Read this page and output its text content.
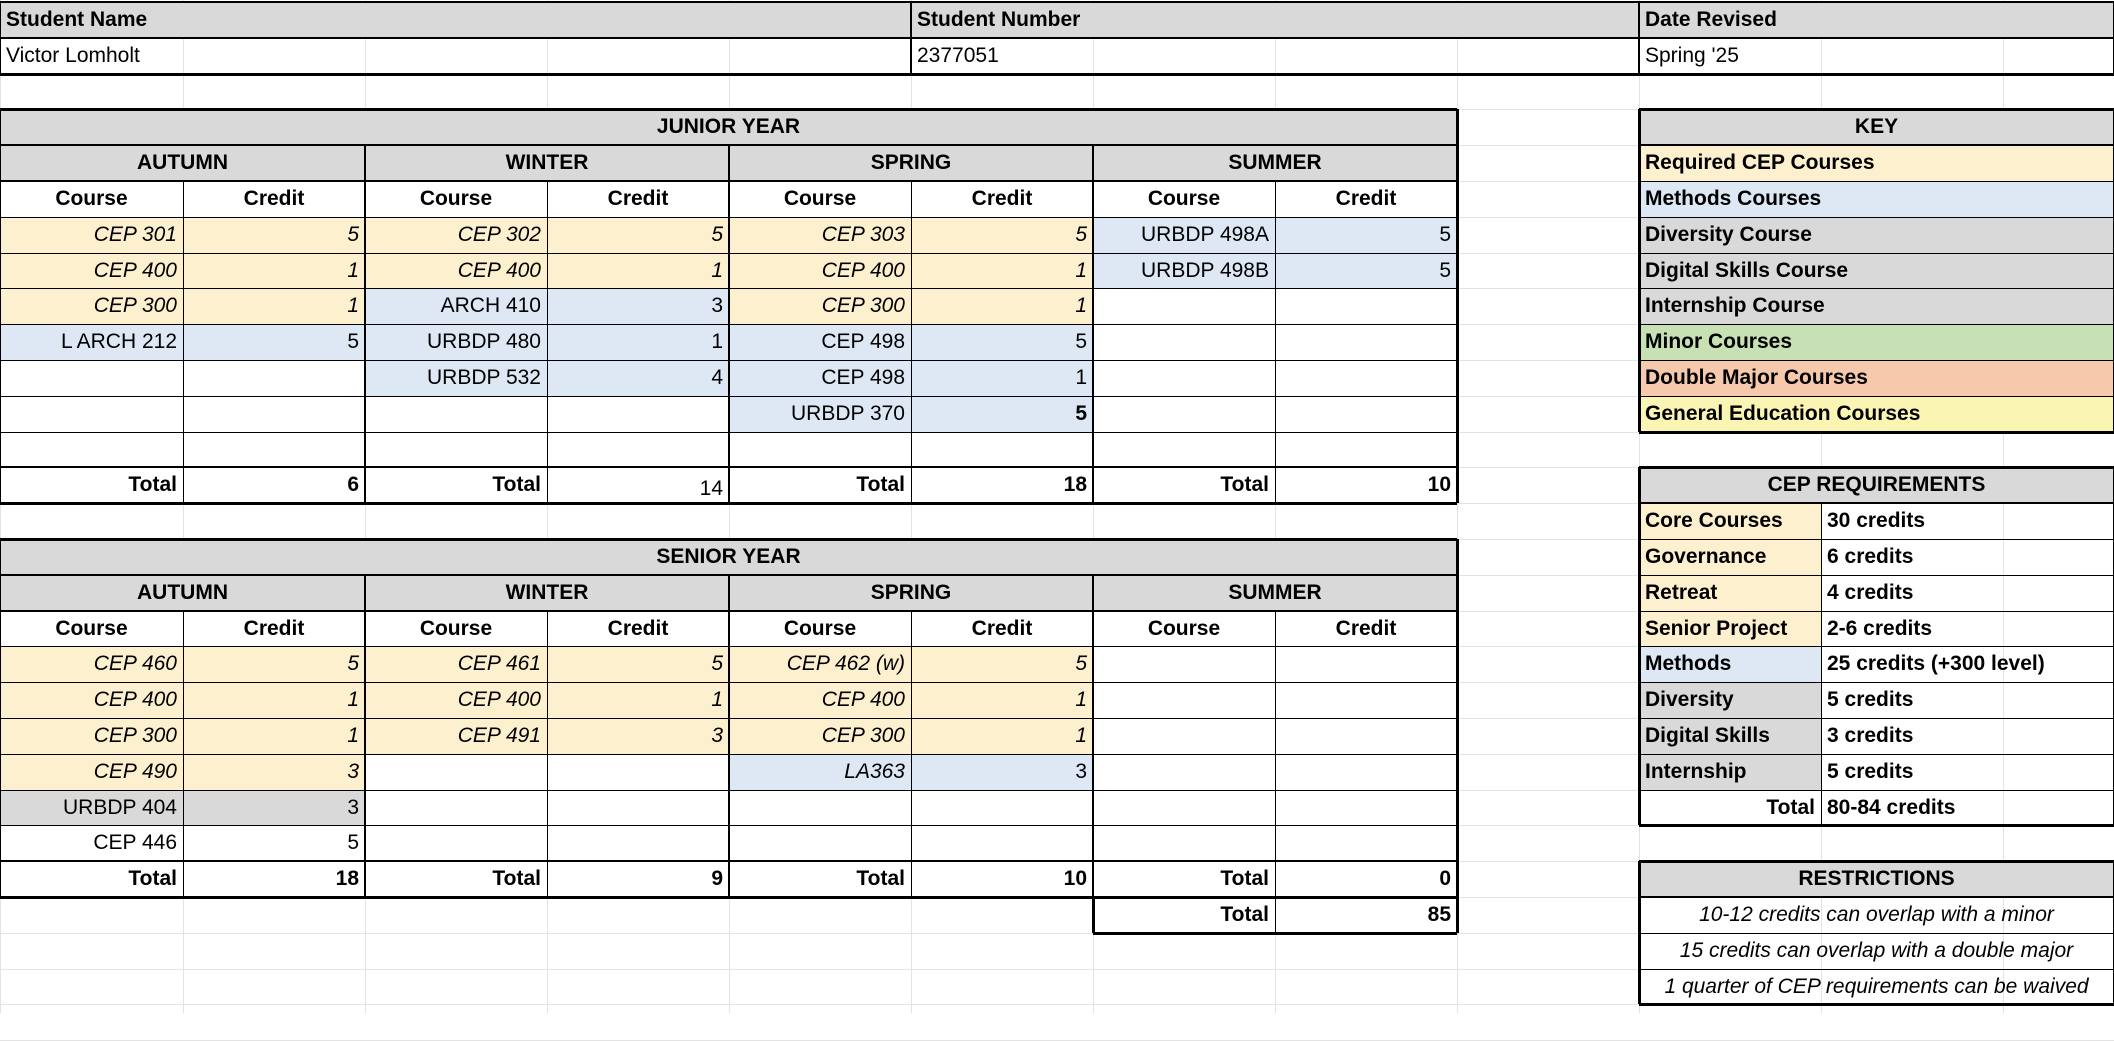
Student Name
Victor Lomholt
Student Number
2377051
Date Revised
Spring '25
JUNIOR YEAR
AUTUMN
Course	Credit
CEP 301	5
CEP 400	1
CEP 300	1
L ARCH 212	5
Total	6
WINTER
Course	Credit
CEP 302	5
CEP 400	1
ARCH 410	3
URBDP 480	1
URBDP 532	4
Total	14
SPRING
Course	Credit
CEP 303	5
CEP 400	1
CEP 300	1
CEP 498	5
CEP 498	1
URBDP 370	5
Total	18
SUMMER
Course	Credit
URBDP 498A	5
URBDP 498B	5
Total	10
SENIOR YEAR
AUTUMN
Course	Credit
CEP 460	5
CEP 400	1
CEP 300	1
CEP 490	3
URBDP 404	3
CEP 446	5
Total	18
WINTER
Course	Credit
CEP 461	5
CEP 400	1
CEP 491	3
Total	9
SPRING
Course	Credit
CEP 462 (w)	5
CEP 400	1
CEP 300	1
LA363	3
Total	10
SUMMER
Course	Credit
Total	0
Total	85
KEY
Required CEP Courses
Methods Courses
Diversity Course
Digital Skills Course
Internship Course
Minor Courses
Double Major Courses
General Education Courses
CEP REQUIREMENTS
Core Courses	30 credits
Governance	6 credits
Retreat	4 credits
Senior Project	2-6 credits
Methods	25 credits (+300 level)
Diversity	5 credits
Digital Skills	3 credits
Internship	5 credits
Total 80-84 credits
RESTRICTIONS
10-12 credits can overlap with a minor
15 credits can overlap with a double major
1 quarter of CEP requirements can be waived
